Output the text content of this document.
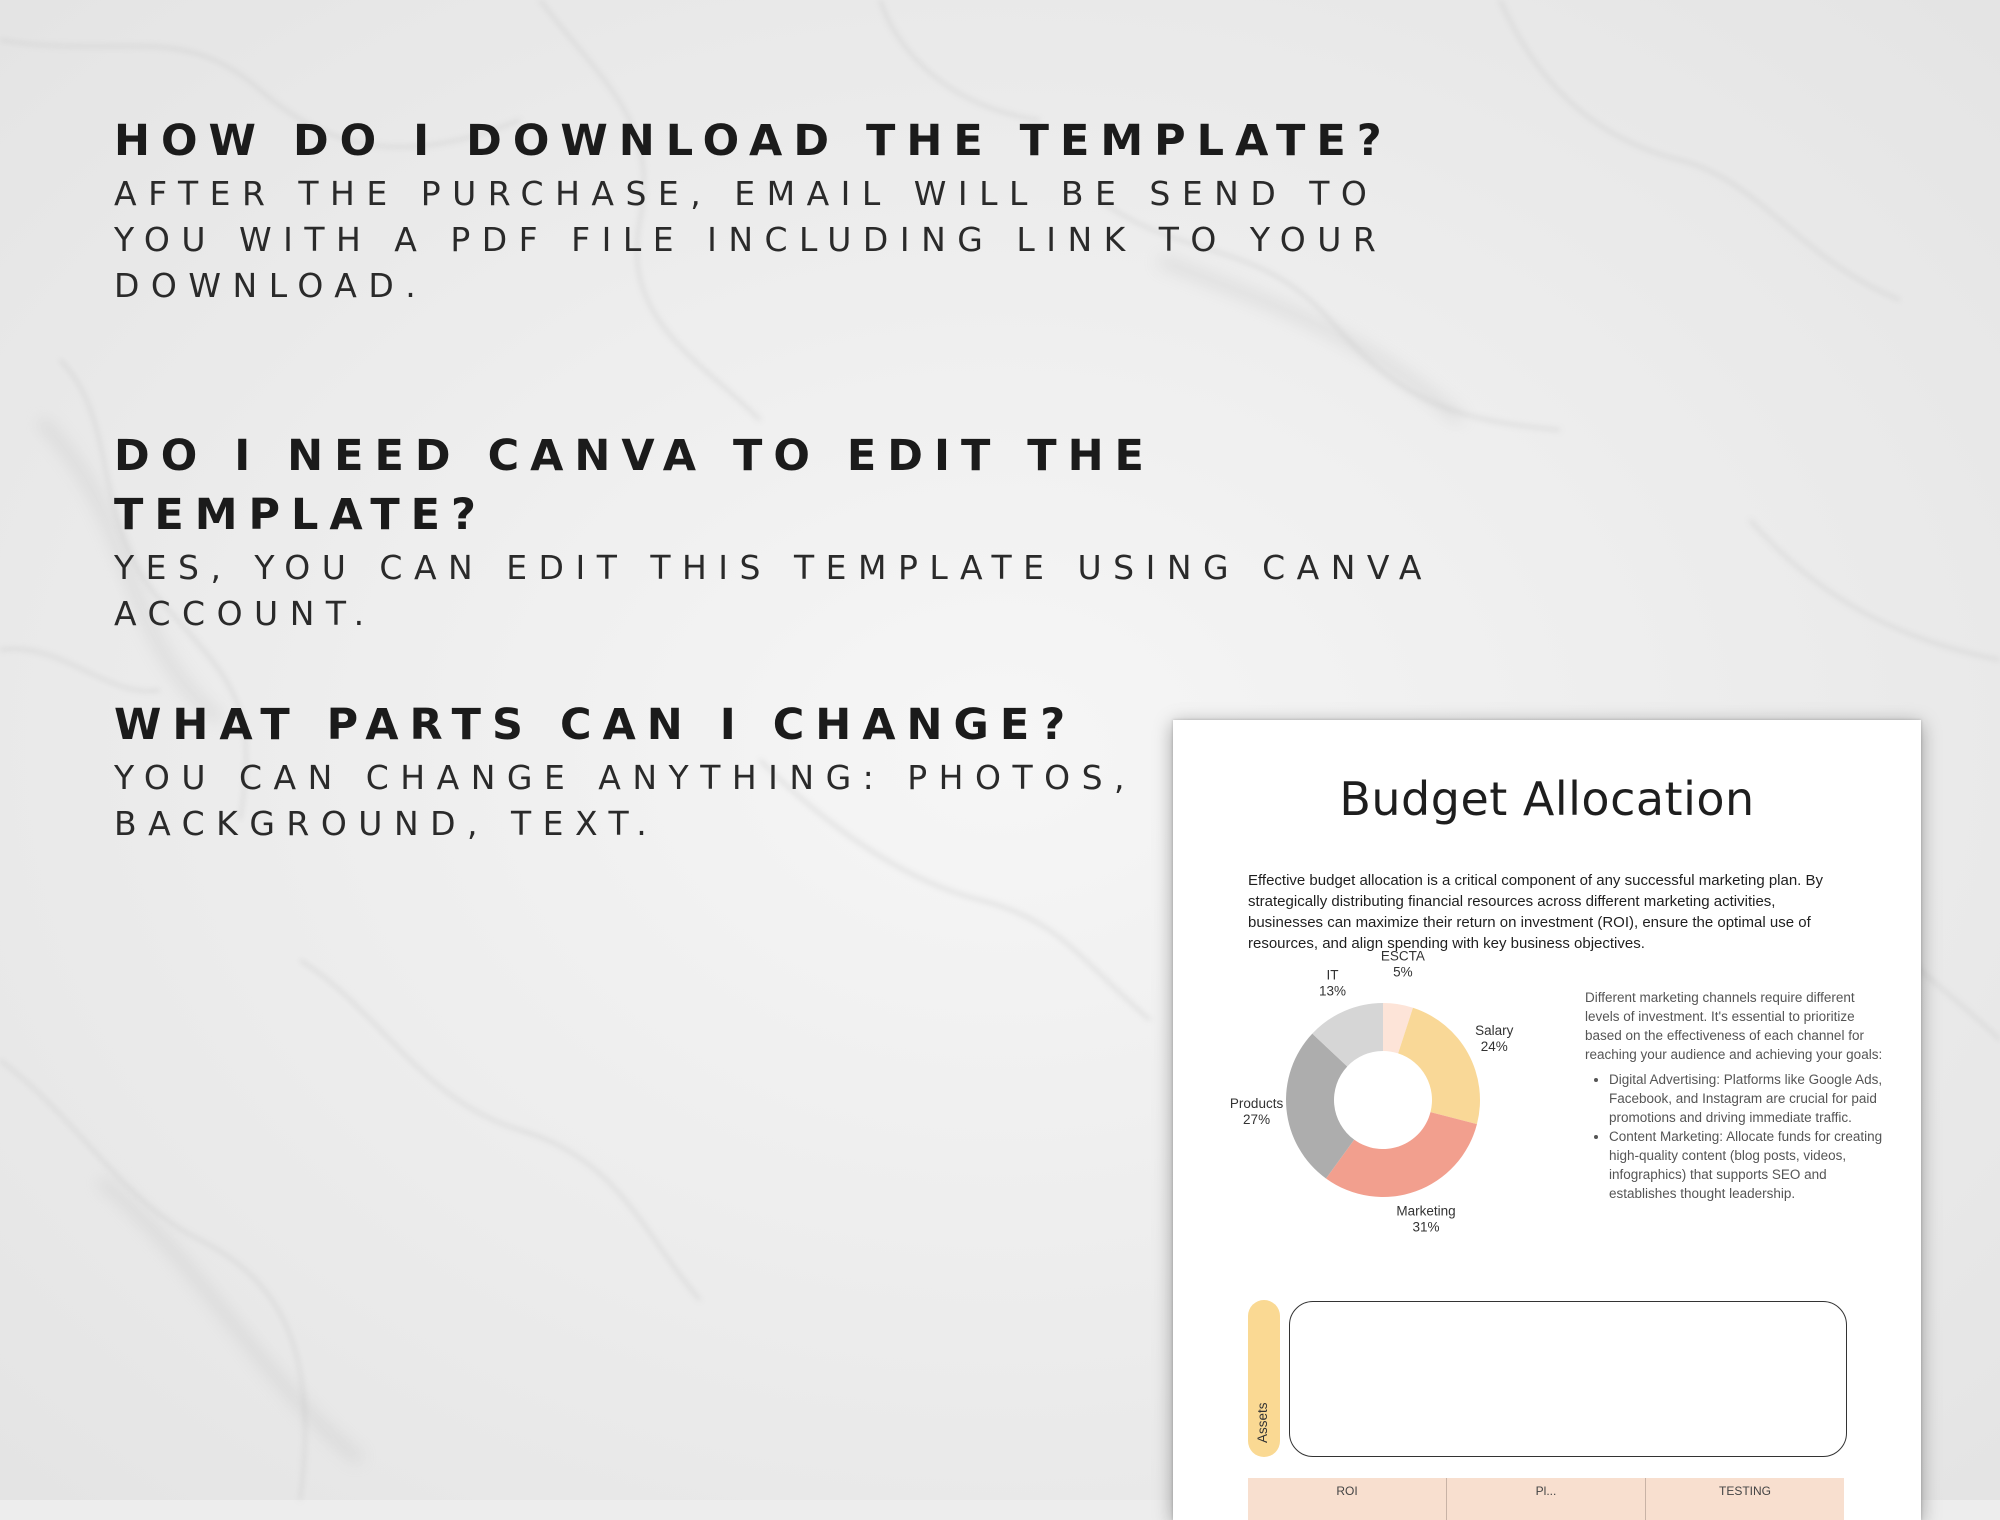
HOW DO I DOWNLOAD THE TEMPLATE?

AFTER THE PURCHASE, EMAIL WILL BE SEND TO YOU WITH A PDF FILE INCLUDING LINK TO YOUR DOWNLOAD.

DO I NEED CANVA TO EDIT THE TEMPLATE?

YES, YOU CAN EDIT THIS TEMPLATE USING CANVA ACCOUNT.

WHAT PARTS CAN I CHANGE?

YOU CAN CHANGE ANYTHING: PHOTOS, BACKGROUND, TEXT.	Budget Allocation

Effective budget allocation is a critical component of any successful marketing plan. By strategically distributing financial resources across different marketing activities, businesses can maximize their return on investment (ROI), ensure the optimal use of resources, and align spending with key business objectives.

ESCTA
5%
Salary
24%
Marketing
31%
Products
27%
IT
13%	Different marketing channels require different levels of investment. It's essential to prioritize based on the effectiveness of each channel for reaching your audience and achieving your goals:

• Digital Advertising: Platforms like Google Ads, Facebook, and Instagram are crucial for paid promotions and driving immediate traffic.
• Content Marketing: Allocate funds for creating high-quality content (blog posts, videos, infographics) that supports SEO and establishes thought leadership.
Assets
ROI	Pl...	TESTING
